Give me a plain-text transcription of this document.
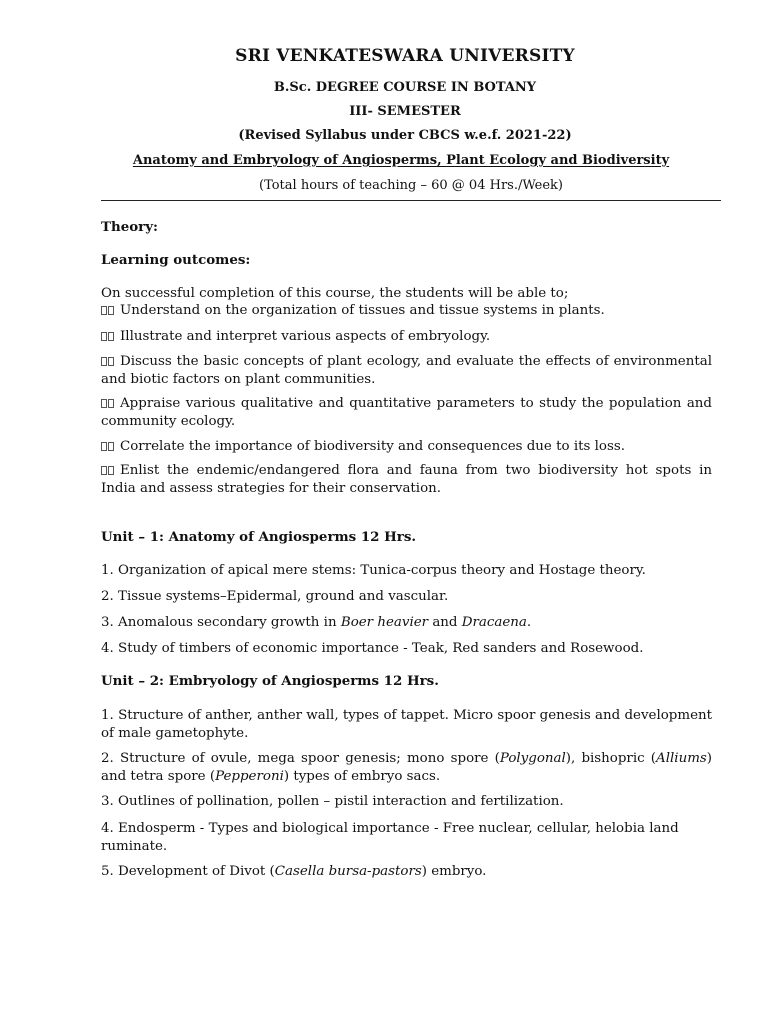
SRI VENKATESWARA UNIVERSITY
B.Sc. DEGREE COURSE IN BOTANY
III- SEMESTER
(Revised Syllabus under CBCS w.e.f. 2021-22)
Anatomy and Embryology of Angiosperms, Plant Ecology and Biodiversity
(Total hours of teaching – 60 @ 04 Hrs./Week)
Theory:
Learning outcomes:
On successful completion of this course, the students will be able to;
Understand on the organization of tissues and tissue systems in plants.
Illustrate and interpret various aspects of embryology.
Discuss the basic concepts of plant ecology, and evaluate the effects of environmental and biotic factors on plant communities.
Appraise various qualitative and quantitative parameters to study the population and community ecology.
Correlate the importance of biodiversity and consequences due to its loss.
Enlist the endemic/endangered flora and fauna from two biodiversity hot spots in India and assess strategies for their conservation.
Unit – 1: Anatomy of Angiosperms 12 Hrs.
1. Organization of apical mere stems: Tunica-corpus theory and Hostage theory.
2. Tissue systems–Epidermal, ground and vascular.
3. Anomalous secondary growth in Boer heavier and Dracaena.
4. Study of timbers of economic importance - Teak, Red sanders and Rosewood.
Unit – 2: Embryology of Angiosperms 12 Hrs.
1. Structure of anther, anther wall, types of tappet. Micro spoor genesis and development of male gametophyte.
2. Structure of ovule, mega spoor genesis; mono spore (Polygonal), bishopric (Alliums) and tetra spore (Pepperoni) types of embryo sacs.
3. Outlines of pollination, pollen – pistil interaction and fertilization.
4. Endosperm - Types and biological importance - Free nuclear, cellular, helobia land ruminate.
5. Development of Divot (Casella bursa-pastors) embryo.
